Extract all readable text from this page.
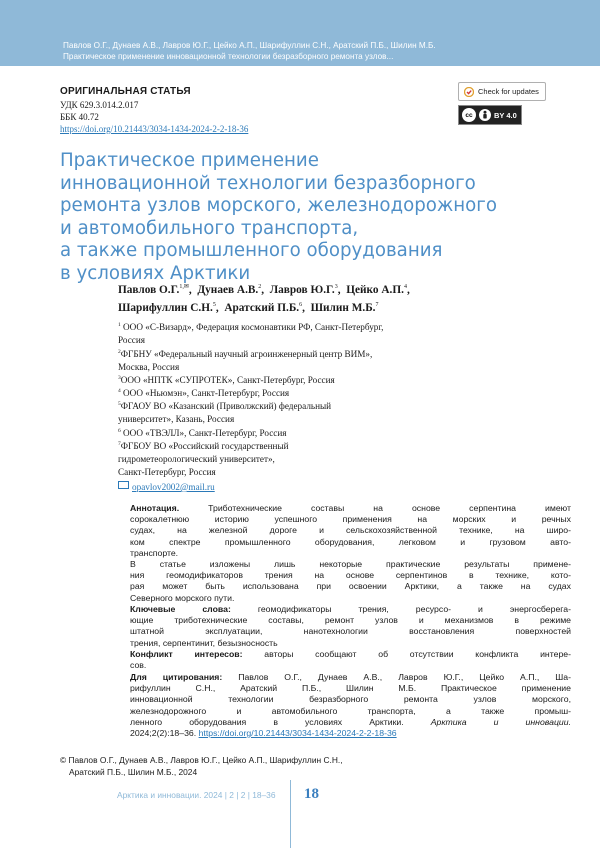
Павлов О.Г., Дунаев А.В., Лавров Ю.Г., Цейко А.П., Шарифуллин С.Н., Аратский П.Б., Шилин М.Б.
Практическое применение инновационной технологии безразборного ремонта узлов...
ОРИГИНАЛЬНАЯ СТАТЬЯ
УДК 629.3.014.2.017
ББК 40.72
https://doi.org/10.21443/3034-1434-2024-2-2-18-36
Check for updates
cc	BY 4.0
Практическое применение
инновационной технологии безразборного
ремонта узлов морского, железнодорожного
и автомобильного транспорта,
а также промышленного оборудования
в условиях Арктики
Павлов О.Г.$^{1,✉}$,  Дунаев А.В.$^2$,  Лавров Ю.Г.$^3$,  Цейко А.П.$^4$,
Шарифуллин С.Н.$^5$,  Аратский П.Б.$^6$,  Шилин М.Б.$^7$
$^1$ ООО «С-Визард», Федерация космонавтики РФ, Санкт-Петербург,
Россия
$^2$ФГБНУ «Федеральный научный агроинженерный центр ВИМ»,
Москва, Россия
$^3$ООО «НПТК «СУПРОТЕК», Санкт-Петербург, Россия
$^4$ ООО «Ньюмэн», Санкт-Петербург, Россия
$^5$ФГАОУ ВО «Казанский (Приволжский) федеральный
университет», Казань, Россия
$^6$ ООО «ТВЭЛЛ», Санкт-Петербург, Россия
$^7$ФГБОУ ВО «Российский государственный
гидрометеорологический университет»,
Санкт-Петербург, Россия
opavlov2002@mail.ru
Аннотация. Триботехнические составы на основе серпентина имеют
сорокалетнюю историю успешного применения на морских и речных
судах, на железной дороге и сельскохозяйственной технике, на широ-
ком спектре промышленного оборудования, легковом и грузовом авто-
транспорте.
В статье изложены лишь некоторые практические результаты примене-
ния геомодификаторов трения на основе серпентинов в технике, кото-
рая может быть использована при освоении Арктики, а также на судах
Северного морского пути.
Ключевые слова: геомодификаторы трения, ресурсо- и энергосберега-
ющие триботехнические составы, ремонт узлов и механизмов в режиме
штатной эксплуатации, нанотехнологии восстановления поверхностей
трения, серпентинит, безызносность
Конфликт интересов: авторы сообщают об отсутствии конфликта интере-
сов.
Для цитирования: Павлов О.Г., Дунаев А.В., Лавров Ю.Г., Цейко А.П., Ша-
рифуллин С.Н., Аратский П.Б., Шилин М.Б. Практическое применение
инновационной технологии безразборного ремонта узлов морского,
железнодорожного и автомобильного транспорта, а также промыш-
ленного оборудования в условиях Арктики.	Арктика и инновации.
2024;2(2):18–36. https://doi.org/10.21443/3034-1434-2024-2-2-18-36
© Павлов О.Г., Дунаев А.В., Лавров Ю.Г., Цейко А.П., Шарифуллин С.Н.,
Аратский П.Б., Шилин М.Б., 2024
Арктика и инновации. 2024 | 2 | 2 | 18–36 18
